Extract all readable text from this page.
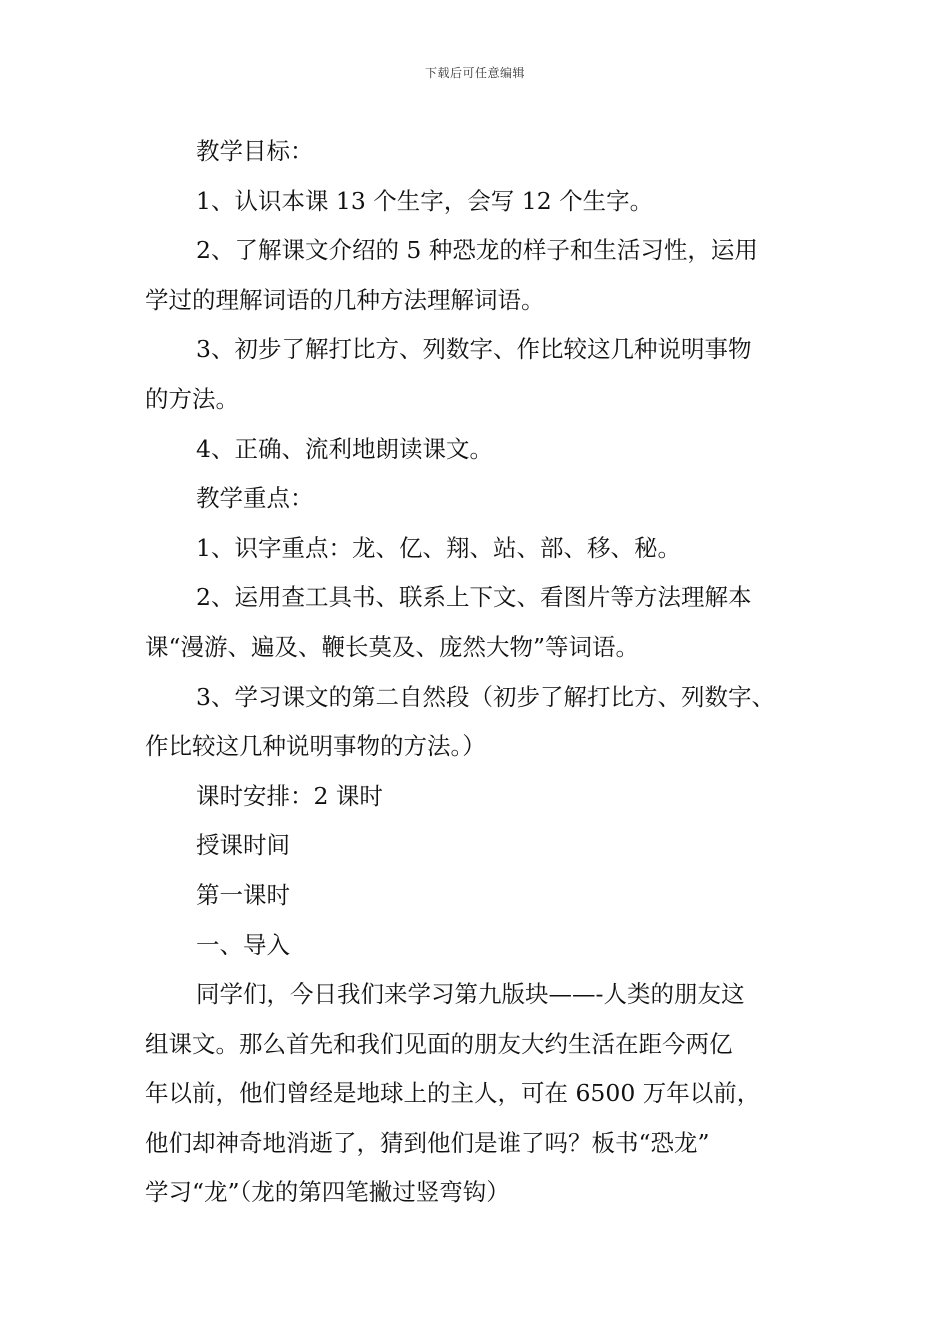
下载后可任意编辑

教学目标：

1、认识本课 13 个生字，会写 12 个生字。

2、了解课文介绍的 5 种恐龙的样子和生活习性，运用

学过的理解词语的几种方法理解词语。

3、初步了解打比方、列数字、作比较这几种说明事物

的方法。

4、正确、流利地朗读课文。

教学重点：

1、识字重点：龙、亿、翔、站、部、移、秘。

2、运用查工具书、联系上下文、看图片等方法理解本

课“漫游、遍及、鞭长莫及、庞然大物”等词语。

3、学习课文的第二自然段（初步了解打比方、列数字、

作比较这几种说明事物的方法。）

课时安排：2 课时

授课时间

第一课时

一、导入

同学们，今日我们来学习第九版块——-人类的朋友这

组课文。那么首先和我们见面的朋友大约生活在距今两亿

年以前，他们曾经是地球上的主人，可在 6500 万年以前，

他们却神奇地消逝了，猜到他们是谁了吗？板书“恐龙”

学习“龙”（龙的第四笔撇过竖弯钩）
